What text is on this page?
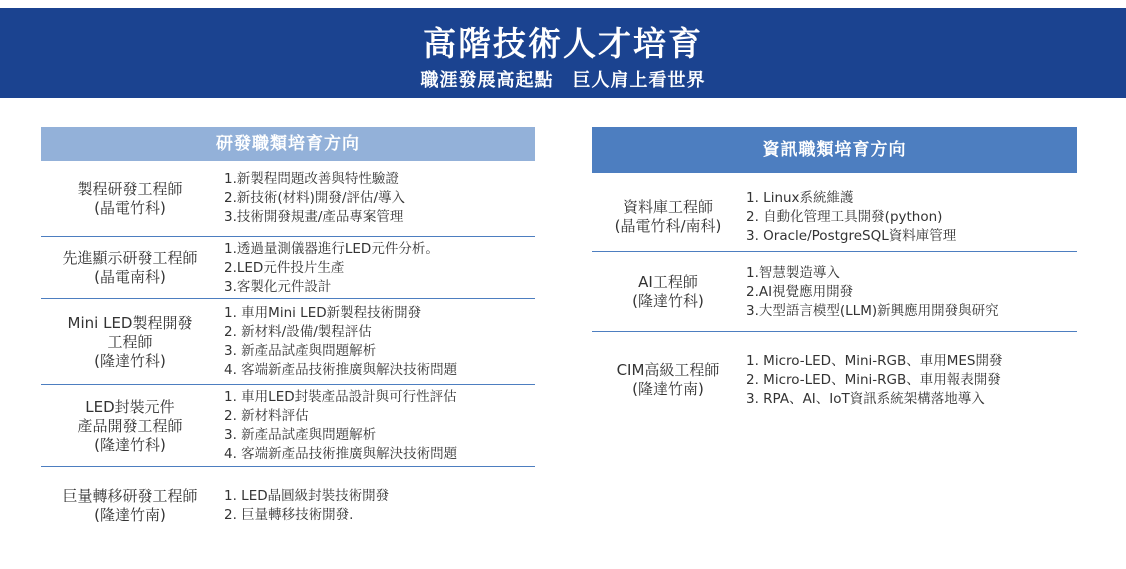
高階技術人才培育
職涯發展高起點　巨人肩上看世界
研發職類培育方向
製程研發工程師
(晶電竹科)
1.新製程問題改善與特性驗證
2.新技術(材料)開發/評估/導入
3.技術開發規畫/產品專案管理
先進顯示研發工程師
(晶電南科)
1.透過量測儀器進行LED元件分析。
2.LED元件投片生產
3.客製化元件設計
Mini LED製程開發
工程師
(隆達竹科)
1. 車用Mini LED新製程技術開發
2. 新材料/設備/製程評估
3. 新產品試產與問題解析
4. 客端新產品技術推廣與解決技術問題
LED封裝元件
產品開發工程師
(隆達竹科)
1. 車用LED封裝產品設計與可行性評估
2. 新材料評估
3. 新產品試產與問題解析
4. 客端新產品技術推廣與解決技術問題
巨量轉移研發工程師
(隆達竹南)
1. LED晶圓級封裝技術開發
2. 巨量轉移技術開發.
資訊職類培育方向
資料庫工程師
(晶電竹科/南科)
1. Linux系統維護
2. 自動化管理工具開發(python)
3. Oracle/PostgreSQL資料庫管理
AI工程師
(隆達竹科)
1.智慧製造導入
2.AI視覺應用開發
3.大型語言模型(LLM)新興應用開發與研究
CIM高級工程師
(隆達竹南)
1. Micro-LED、Mini-RGB、車用MES開發
2. Micro-LED、Mini-RGB、車用報表開發
3. RPA、AI、IoT資訊系統架構落地導入
